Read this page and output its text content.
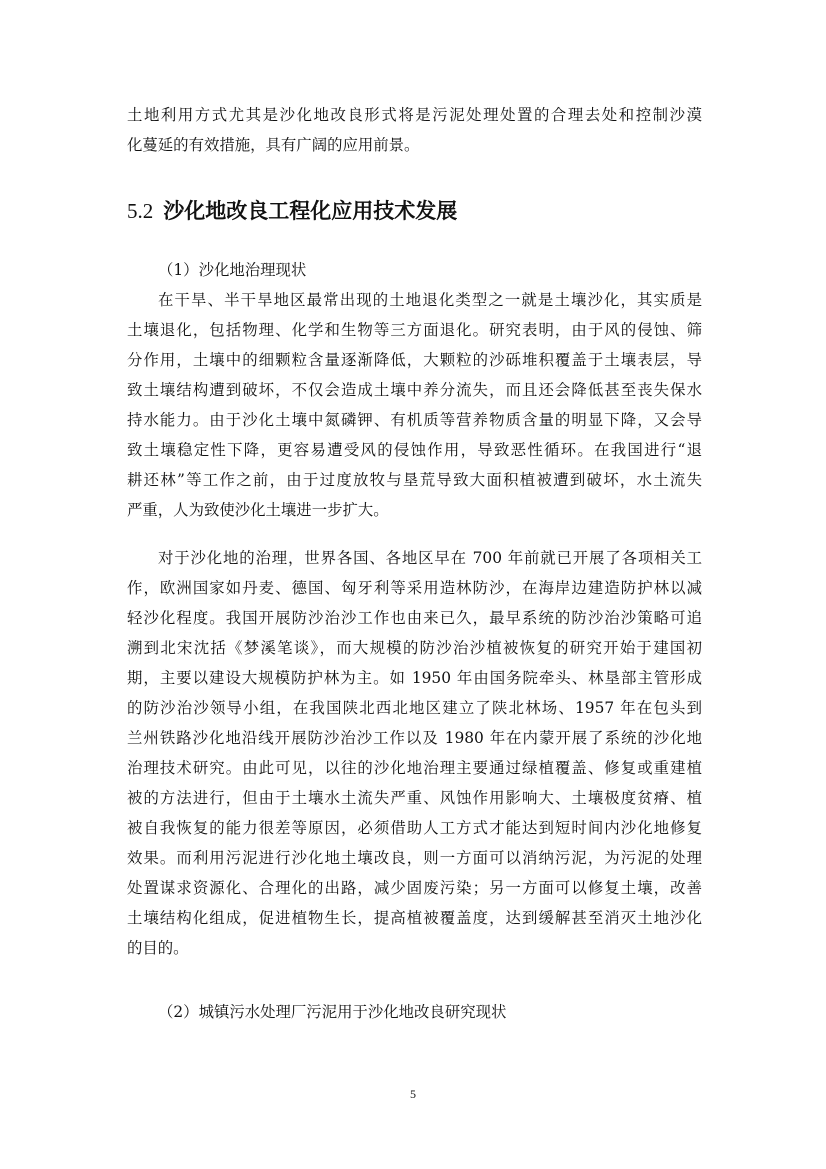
土地利用方式尤其是沙化地改良形式将是污泥处理处置的合理去处和控制沙漠
化蔓延的有效措施，具有广阔的应用前景。
5.2 沙化地改良工程化应用技术发展

（1）沙化地治理现状

在干旱、半干旱地区最常出现的土地退化类型之一就是土壤沙化，其实质是
土壤退化，包括物理、化学和生物等三方面退化。研究表明，由于风的侵蚀、筛
分作用，土壤中的细颗粒含量逐渐降低，大颗粒的沙砾堆积覆盖于土壤表层，导
致土壤结构遭到破坏，不仅会造成土壤中养分流失，而且还会降低甚至丧失保水
持水能力。由于沙化土壤中氮磷钾、有机质等营养物质含量的明显下降，又会导
致土壤稳定性下降，更容易遭受风的侵蚀作用，导致恶性循环。在我国进行“退
耕还林”等工作之前，由于过度放牧与垦荒导致大面积植被遭到破坏，水土流失
严重，人为致使沙化土壤进一步扩大。
对于沙化地的治理，世界各国、各地区早在 700 年前就已开展了各项相关工
作，欧洲国家如丹麦、德国、匈牙利等采用造林防沙，在海岸边建造防护林以减
轻沙化程度。我国开展防沙治沙工作也由来已久，最早系统的防沙治沙策略可追
溯到北宋沈括《梦溪笔谈》，而大规模的防沙治沙植被恢复的研究开始于建国初
期，主要以建设大规模防护林为主。如 1950 年由国务院牵头、林垦部主管形成
的防沙治沙领导小组，在我国陕北西北地区建立了陕北林场、1957 年在包头到
兰州铁路沙化地沿线开展防沙治沙工作以及 1980 年在内蒙开展了系统的沙化地
治理技术研究。由此可见，以往的沙化地治理主要通过绿植覆盖、修复或重建植
被的方法进行，但由于土壤水土流失严重、风蚀作用影响大、土壤极度贫瘠、植
被自我恢复的能力很差等原因，必须借助人工方式才能达到短时间内沙化地修复
效果。而利用污泥进行沙化地土壤改良，则一方面可以消纳污泥，为污泥的处理
处置谋求资源化、合理化的出路，减少固废污染；另一方面可以修复土壤，改善
土壤结构化组成，促进植物生长，提高植被覆盖度，达到缓解甚至消灭土地沙化
的目的。

（2）城镇污水处理厂污泥用于沙化地改良研究现状

5
